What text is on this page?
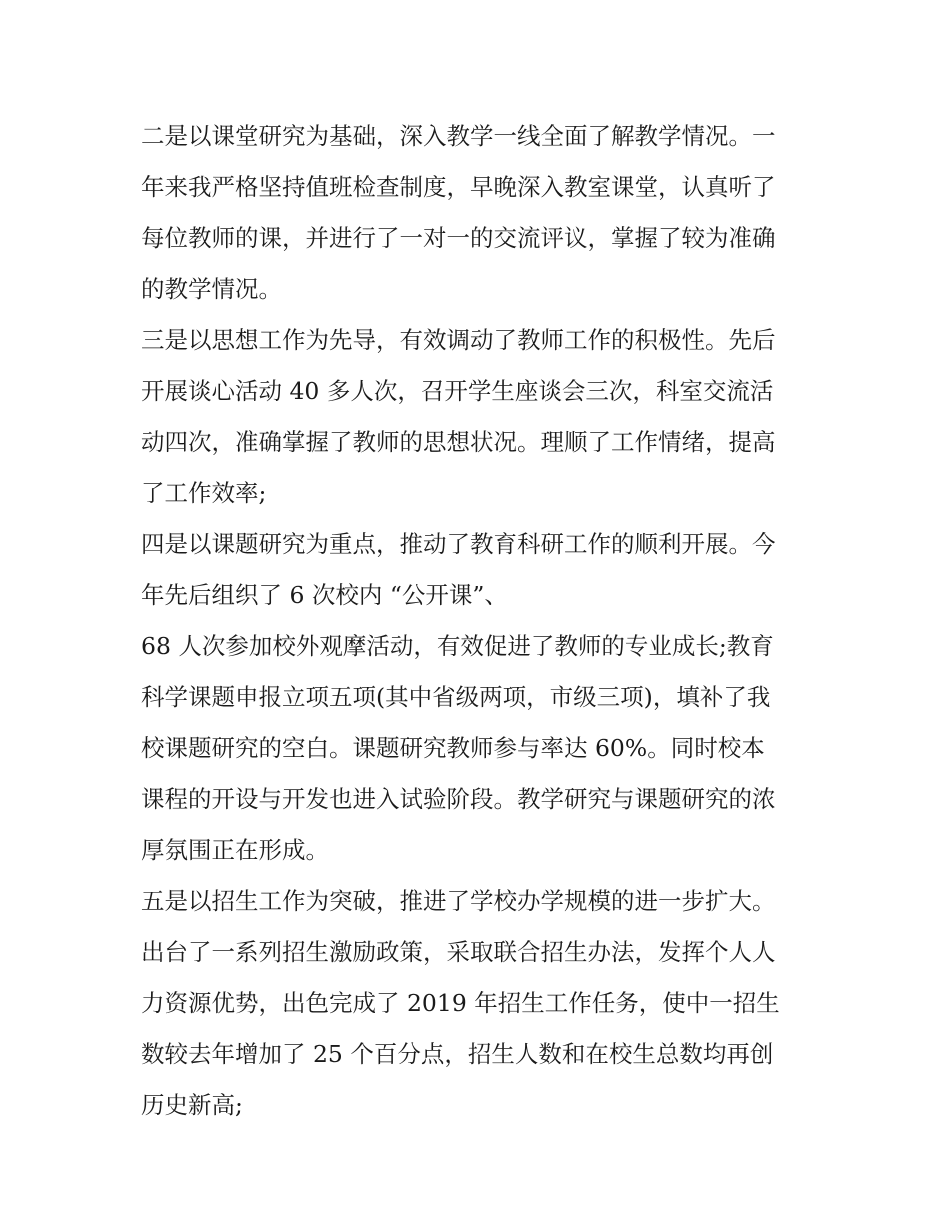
二是以课堂研究为基础，深入教学一线全面了解教学情况。一
年来我严格坚持值班检查制度，早晚深入教室课堂，认真听了
每位教师的课，并进行了一对一的交流评议，掌握了较为准确
的教学情况。
三是以思想工作为先导，有效调动了教师工作的积极性。先后
开展谈心活动 40 多人次，召开学生座谈会三次，科室交流活
动四次，准确掌握了教师的思想状况。理顺了工作情绪，提高
了工作效率;
四是以课题研究为重点，推动了教育科研工作的顺利开展。今
年先后组织了 6 次校内 “公开课”、
68 人次参加校外观摩活动，有效促进了教师的专业成长;教育
科学课题申报立项五项(其中省级两项，市级三项)，填补了我
校课题研究的空白。课题研究教师参与率达 60%。同时校本
课程的开设与开发也进入试验阶段。教学研究与课题研究的浓
厚氛围正在形成。
五是以招生工作为突破，推进了学校办学规模的进一步扩大。
出台了一系列招生激励政策，采取联合招生办法，发挥个人人
力资源优势，出色完成了 2019 年招生工作任务，使中一招生
数较去年增加了 25 个百分点，招生人数和在校生总数均再创
历史新高;
